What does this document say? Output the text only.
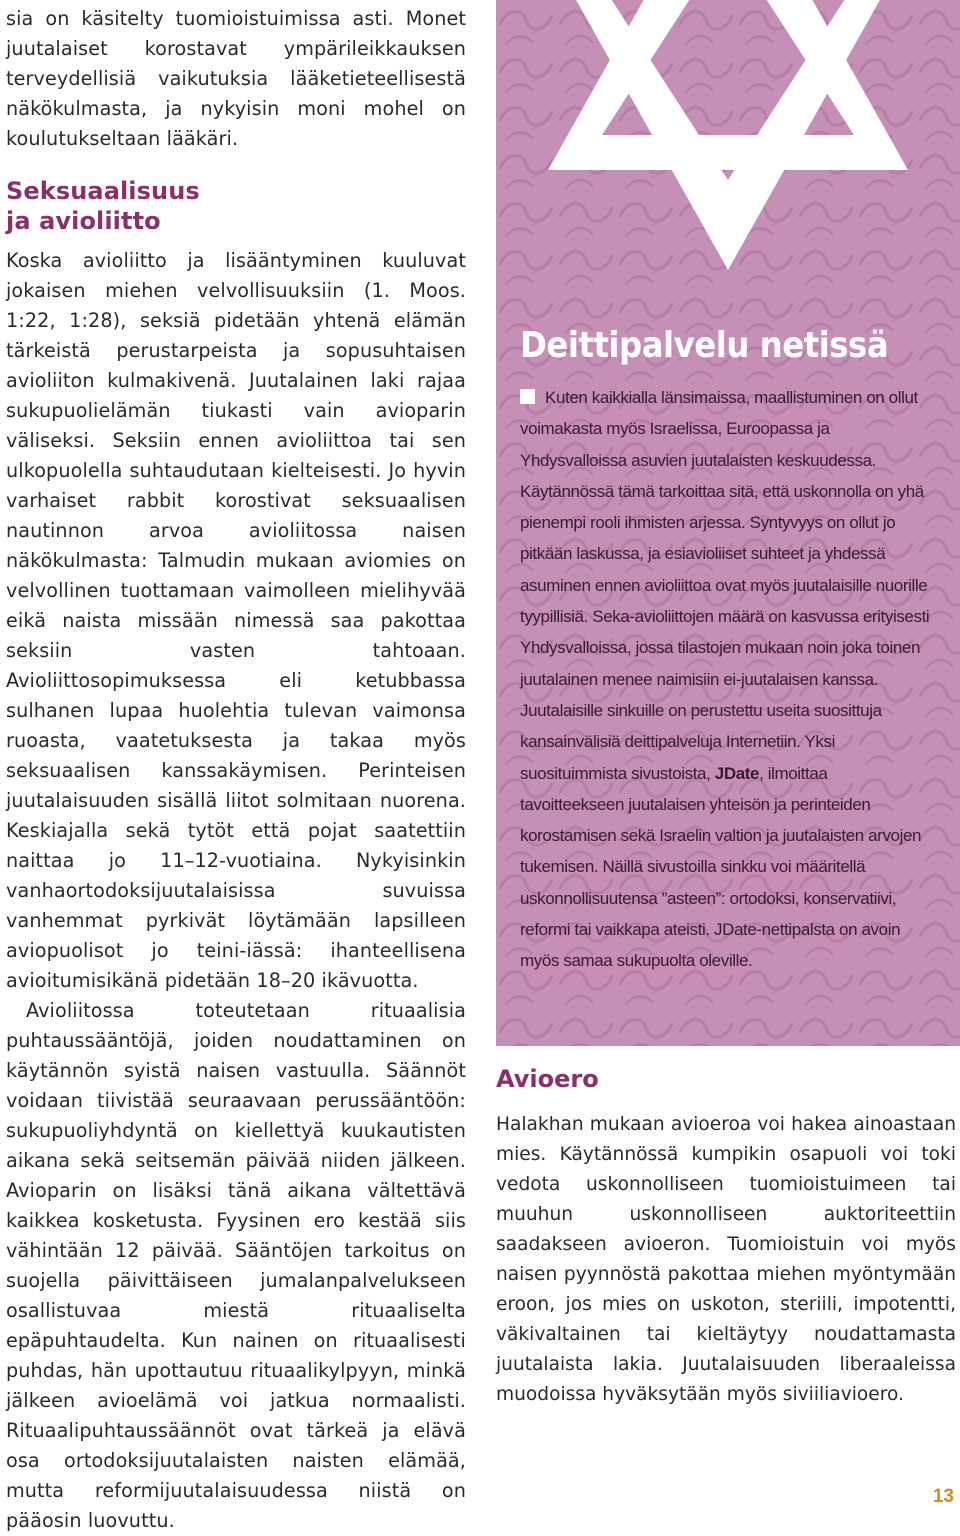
sia on käsitelty tuomioistuimissa asti. Monet juutalaiset korostavat ympärileikkauksen terveydellisiä vaikutuksia lääketieteellisestä näkökulmasta, ja nykyisin moni mohel on koulutukseltaan lääkäri.

Seksuaalisuus
ja avioliitto

Koska avioliitto ja lisääntyminen kuuluvat jokaisen miehen velvollisuuksiin (1. Moos. 1:22, 1:28), seksiä pidetään yhtenä elämän tärkeistä perustarpeista ja sopusuhtaisen avioliiton kulmakivenä. Juutalainen laki rajaa sukupuolielämän tiukasti vain avioparin väliseksi. Seksiin ennen avioliittoa tai sen ulkopuolella suhtaudutaan kielteisesti. Jo hyvin varhaiset rabbit korostivat seksuaalisen nautinnon arvoa avioliitossa naisen näkökulmasta: Talmudin mukaan aviomies on velvollinen tuottamaan vaimolleen mielihyvää eikä naista missään nimessä saa pakottaa seksiin vasten tahtoaan. Avioliittosopimuksessa eli ketubbassa sulhanen lupaa huolehtia tulevan vaimonsa ruoasta, vaatetuksesta ja takaa myös seksuaalisen kanssakäymisen. Perinteisen juutalaisuuden sisällä liitot solmitaan nuorena. Keskiajalla sekä tytöt että pojat saatettiin naittaa jo 11–12-vuotiaina. Nykyisinkin vanhaortodoksijuutalaisissa suvuissa vanhemmat pyrkivät löytämään lapsilleen aviopuolisot jo teini-iässä: ihanteellisena avioitumisikänä pidetään 18–20 ikävuotta.

Avioliitossa toteutetaan rituaalisia puhtaussääntöjä, joiden noudattaminen on käytännön syistä naisen vastuulla. Säännöt voidaan tiivistää seuraavaan perussääntöön: sukupuoliyhdyntä on kiellettyä kuukautisten aikana sekä seitsemän päivää niiden jälkeen. Avioparin on lisäksi tänä aikana vältettävä kaikkea kosketusta. Fyysinen ero kestää siis vähintään 12 päivää. Sääntöjen tarkoitus on suojella päivittäiseen jumalanpalvelukseen osallistuvaa miestä rituaaliselta epäpuhtaudelta. Kun nainen on rituaalisesti puhdas, hän upottautuu rituaalikylpyyn, minkä jälkeen avioelämä voi jatkua normaalisti. Rituaalipuhtaussäännöt ovat tärkeä ja elävä osa ortodoksijuutalaisten naisten elämää, mutta reformijuutalaisuudessa niistä on pääosin luovuttu.

Deittipalvelu netissä
Kuten kaikkialla länsimaissa, maallistuminen on ollut voimakasta myös Israelissa, Euroopassa ja Yhdysvalloissa asuvien juutalaisten keskuudessa. Käytännössä tämä tarkoittaa sitä, että uskonnolla on yhä pienempi rooli ihmisten arjessa. Syntyvyys on ollut jo pitkään laskussa, ja esiavioliiset suhteet ja yhdessä asuminen ennen avioliittoa ovat myös juutalaisille nuorille tyypillisiä. Seka-avioliittojen määrä on kasvussa erityisesti Yhdysvalloissa, jossa tilastojen mukaan noin joka toinen juutalainen menee naimisiin ei-juutalaisen kanssa. Juutalaisille sinkuille on perustettu useita suosittuja kansainvälisiä deittipalveluja Internetiin. Yksi suosituimmista sivustoista, JDate, ilmoittaa tavoitteekseen juutalaisen yhteisön ja perinteiden korostamisen sekä Israelin valtion ja juutalaisten arvojen tukemisen. Näillä sivustoilla sinkku voi määritellä uskonnollisuutensa ”asteen”: ortodoksi, konservatiivi, reformi tai vaikkapa ateisti. JDate-nettipalsta on avoin myös samaa sukupuolta oleville.
Avioero

Halakhan mukaan avioeroa voi hakea ainoastaan mies. Käytännössä kumpikin osapuoli voi toki vedota uskonnolliseen tuomioistuimeen tai muuhun uskonnolliseen auktoriteettiin saadakseen avioeron. Tuomioistuin voi myös naisen pyynnöstä pakottaa miehen myöntymään eroon, jos mies on uskoton, steriili, impotentti, väkivaltainen tai kieltäytyy noudattamasta juutalaista lakia. Juutalaisuuden liberaaleissa muodoissa hyväksytään myös siviiliavioero.

13
